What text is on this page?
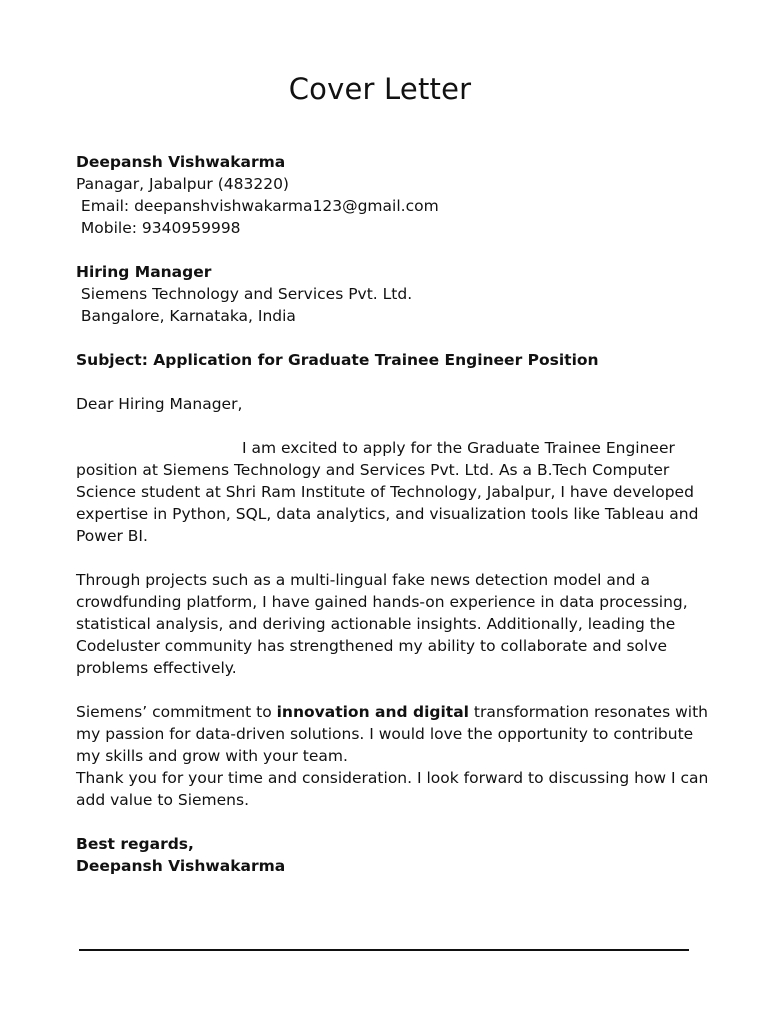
Cover Letter
Deepansh Vishwakarma
Panagar, Jabalpur (483220)
Email: deepanshvishwakarma123@gmail.com
Mobile: 9340959998
Hiring Manager
Siemens Technology and Services Pvt. Ltd.
Bangalore, Karnataka, India
Subject: Application for Graduate Trainee Engineer Position
Dear Hiring Manager,
I am excited to apply for the Graduate Trainee Engineer
position at Siemens Technology and Services Pvt. Ltd. As a B.Tech Computer Science student at Shri Ram Institute of Technology, Jabalpur, I have developed expertise in Python, SQL, data analytics, and visualization tools like Tableau and Power BI.
Through projects such as a multi-lingual fake news detection model and a crowdfunding platform, I have gained hands-on experience in data processing, statistical analysis, and deriving actionable insights. Additionally, leading the Codeluster community has strengthened my ability to collaborate and solve problems effectively.
Siemens’ commitment to innovation and digital transformation resonates with my passion for data-driven solutions. I would love the opportunity to contribute my skills and grow with your team.
Thank you for your time and consideration. I look forward to discussing how I can add value to Siemens.
Best regards,
Deepansh Vishwakarma
